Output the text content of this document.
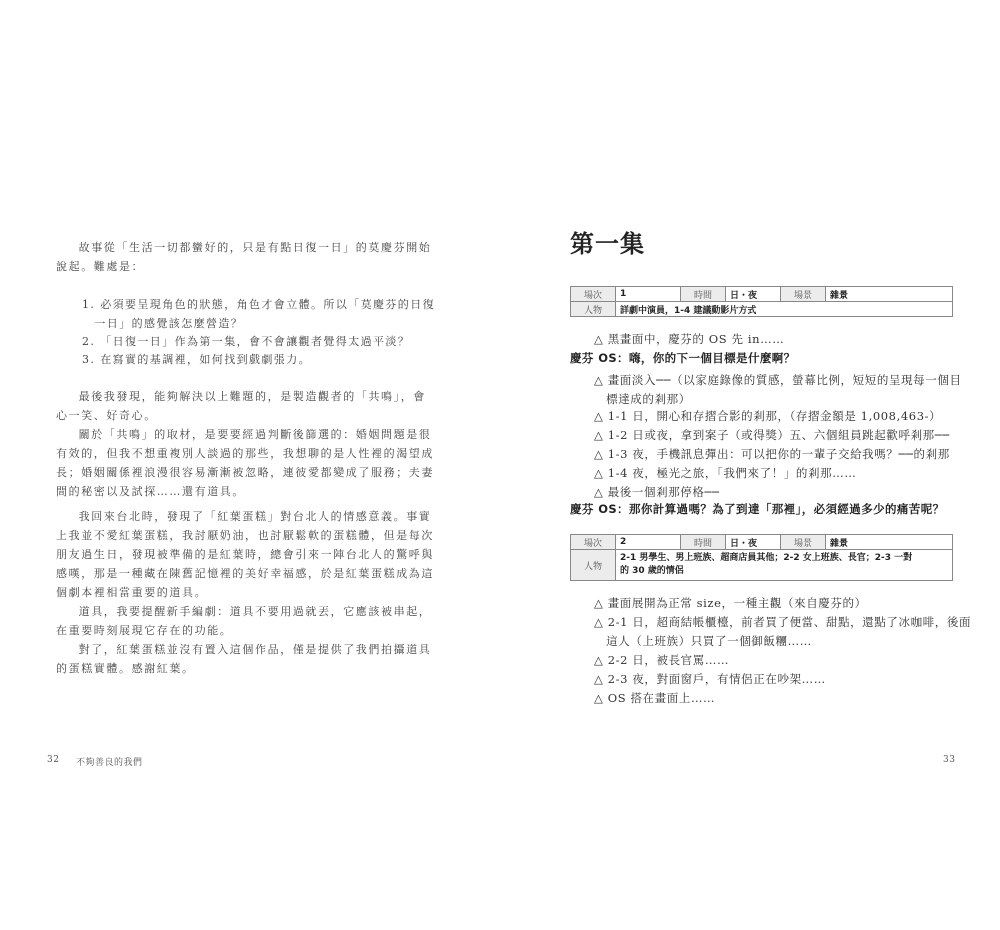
　故事從「生活一切都蠻好的，只是有點日復一日」的莫慶芬開始
說起。難處是：
1. 必須要呈現角色的狀態，角色才會立體。所以「莫慶芬的日復
　一日」的感覺該怎麼營造？
2. 「日復一日」作為第一集，會不會讓觀者覺得太過平淡？
3. 在寫實的基調裡，如何找到戲劇張力。
　最後我發現，能夠解決以上難題的，是製造觀者的「共鳴」，會
心一笑、好奇心。
　關於「共鳴」的取材，是要要經過判斷後篩選的：婚姻問題是很
有效的，但我不想重複別人談過的那些，我想聊的是人性裡的渴望成
長；婚姻關係裡浪漫很容易漸漸被忽略，連彼愛都變成了服務；夫妻
間的秘密以及試探……還有道具。
　我回來台北時，發現了「紅葉蛋糕」對台北人的情感意義。事實
上我並不愛紅葉蛋糕，我討厭奶油，也討厭鬆軟的蛋糕體，但是每次
朋友過生日，發現被準備的是紅葉時，總會引來一陣台北人的驚呼與
感嘆，那是一種藏在陳舊記憶裡的美好幸福感，於是紅葉蛋糕成為這
個劇本裡相當重要的道具。
　道具，我要提醒新手編劇：道具不要用過就丟，它應該被串起，
在重要時刻展現它存在的功能。
　對了，紅葉蛋糕並沒有置入這個作品，僅是提供了我們拍攝道具
的蛋糕實體。感謝紅葉。
32 不夠善良的我們
第一集
場次	1	時間	日・夜	場景	雜景
人物	詳劇中演員，1-4 建議動影片方式				
△ 黑畫面中，慶芬的 OS 先 in……
慶芬 OS：嗨，你的下一個目標是什麼啊？
△ 畫面淡入──（以家庭錄像的質感，螢幕比例，短短的呈現每一個目
　標達成的剎那）
△ 1-1 日，開心和存摺合影的剎那，（存摺金額是 1,008,463-）
△ 1-2 日或夜，拿到案子（或得獎）五、六個組員跳起歡呼剎那──
△ 1-3 夜，手機訊息彈出：可以把你的一輩子交給我嗎？──的剎那
△ 1-4 夜，極光之旅，「我們來了！」的剎那……
△ 最後一個剎那停格──
慶芬 OS：那你計算過嗎？為了到達「那裡」，必須經過多少的痛苦呢？
場次	2	時間	日・夜	場景	雜景
人物	2-1 男學生、男上班族、超商店員其他；2-2 女上班族、長官；2-3 一對
的 30 歲的情侶				
△ 畫面展開為正常 size，一種主觀（來自慶芬的）
△ 2-1 日，超商結帳櫃檯，前者買了便當、甜點，還點了冰咖啡，後面
　這人（上班族）只買了一個御飯糰……
△ 2-2 日，被長官罵……
△ 2-3 夜，對面窗戶，有情侶正在吵架……
△ OS 搭在畫面上……
33
